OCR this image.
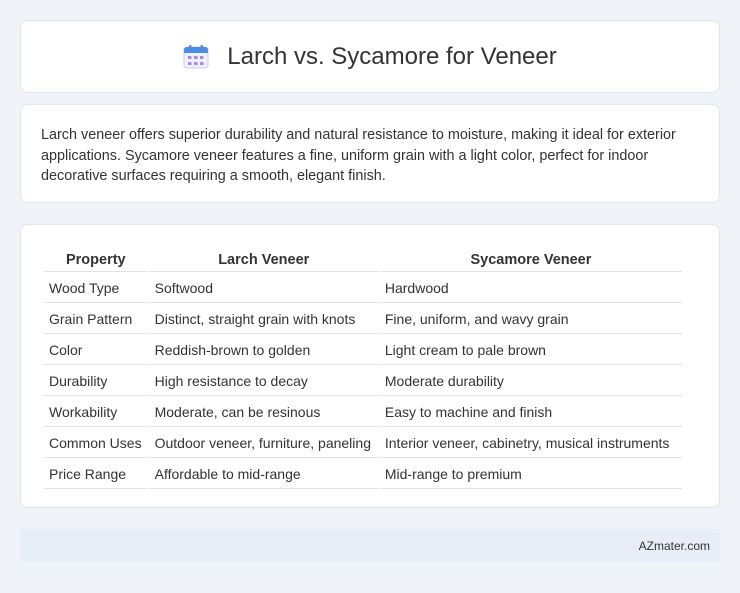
Larch vs. Sycamore for Veneer

Larch veneer offers superior durability and natural resistance to moisture, making it ideal for exterior applications. Sycamore veneer features a fine, uniform grain with a light color, perfect for indoor decorative surfaces requiring a smooth, elegant finish.

Property	Larch Veneer	Sycamore Veneer
Wood Type	Softwood	Hardwood
Grain Pattern	Distinct, straight grain with knots	Fine, uniform, and wavy grain
Color	Reddish-brown to golden	Light cream to pale brown
Durability	High resistance to decay	Moderate durability
Workability	Moderate, can be resinous	Easy to machine and finish
Common Uses	Outdoor veneer, furniture, paneling	Interior veneer, cabinetry, musical instruments
Price Range	Affordable to mid-range	Mid-range to premium
AZmater.com
